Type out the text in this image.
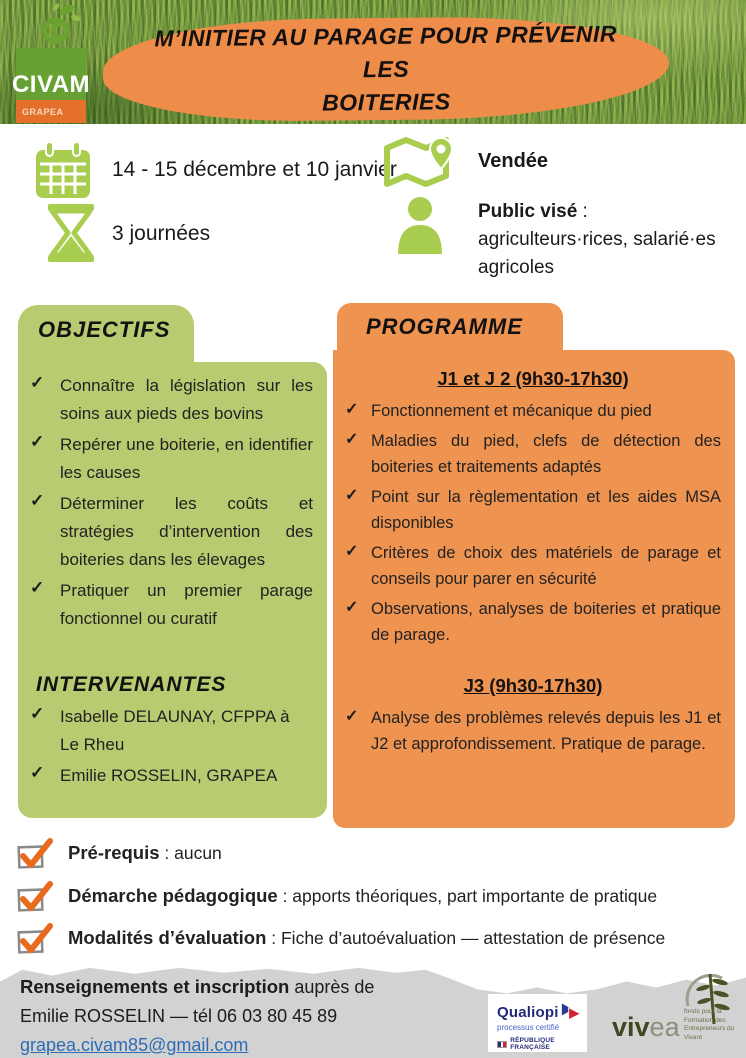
M’INITIER AU PARAGE POUR PRÉVENIR LES
BOITERIES
CIVAM
GRAPEA
14 - 15 décembre et 10 janvier
3 journées
Vendée
Public visé : agriculteurs·rices, salarié·es agricoles
OBJECTIFS
✓ Connaître la législation sur les soins aux pieds des bovins
✓ Repérer une boiterie, en identifier les causes
✓ Déterminer les coûts et stratégies d’intervention des boiteries dans les élevages
✓ Pratiquer un premier parage fonctionnel ou curatif
INTERVENANTES
✓ Isabelle DELAUNAY, CFPPA à Le Rheu
✓ Emilie ROSSELIN, GRAPEA
PROGRAMME
J1 et J 2 (9h30-17h30)
✓ Fonctionnement et mécanique du pied
✓ Maladies du pied, clefs de détection des boiteries et traitements adaptés
✓ Point sur la règlementation et les aides MSA disponibles
✓ Critères de choix des matériels de parage et conseils pour parer en sécurité
✓ Observations, analyses de boiteries et pratique de parage.
J3 (9h30-17h30)
✓ Analyse des problèmes relevés depuis les J1 et J2 et approfondissement. Pratique de parage.
Pré-requis : aucun
Démarche pédagogique : apports théoriques, part importante de pratique
Modalités d’évaluation : Fiche d’autoévaluation — attestation de présence
Renseignements et inscription auprès de
Emilie ROSSELIN — tél 06 03 80 45 89
grapea.civam85@gmail.com
Qualiopi
processus certifié
RÉPUBLIQUE FRANÇAISE
vivea
fonds pour la Formation des Entrepreneurs du Vivant
